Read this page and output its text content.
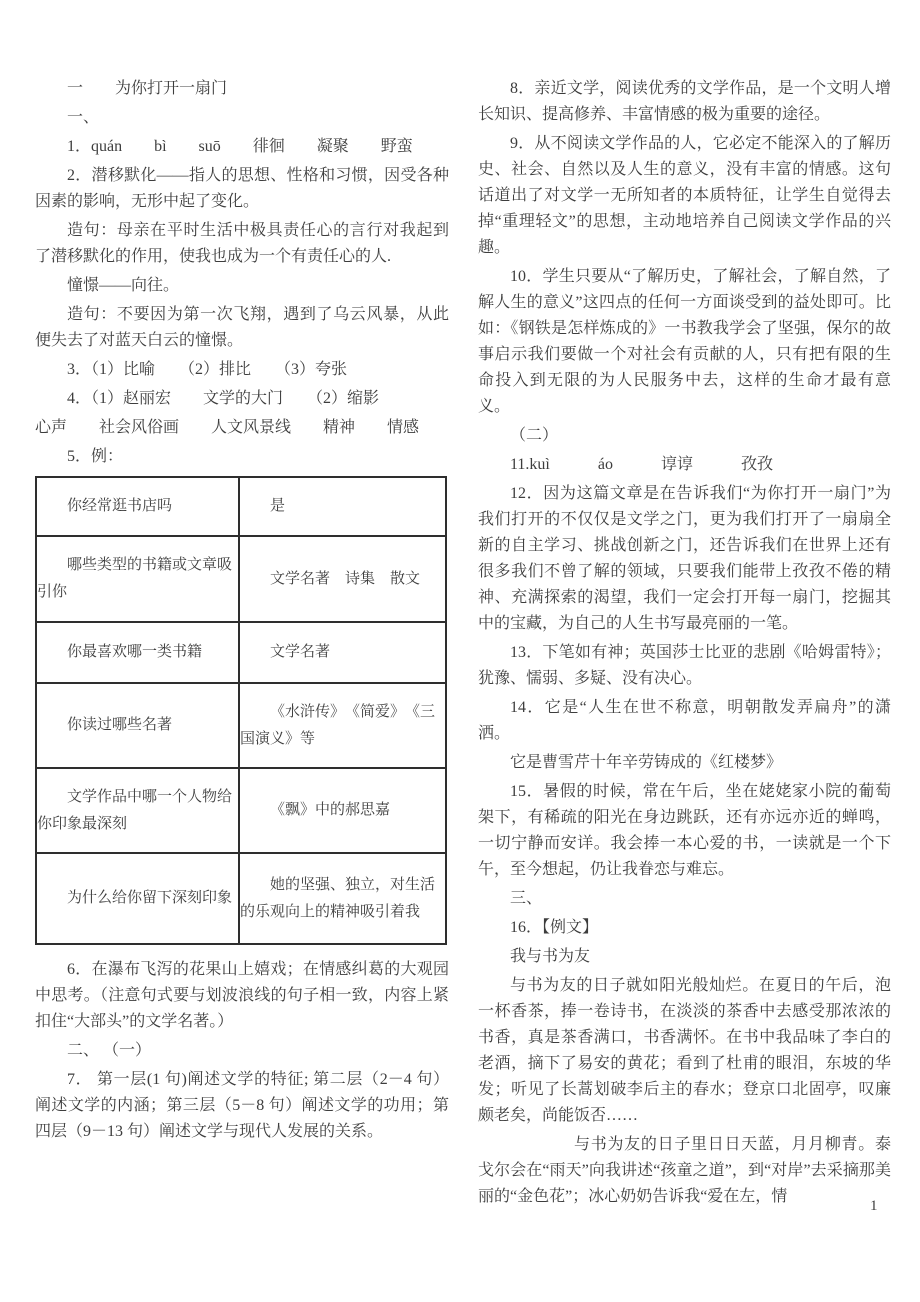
一　　为你打开一扇门

一、

1．quán　　bì　　suō　　徘徊　　凝聚　　野蛮

2．潜移默化——指人的思想、性格和习惯，因受各种因素的影响，无形中起了变化。

造句：母亲在平时生活中极具责任心的言行对我起到了潜移默化的作用，使我也成为一个有责任心的人.

憧憬——向往。

造句：不要因为第一次飞翔，遇到了乌云风暴，从此便失去了对蓝天白云的憧憬。

3．（1）比喻　　（2）排比　　（3）夸张

4．（1）赵丽宏　　文学的大门　　（2）缩影

心声　　社会风俗画　　人文风景线　　精神　　情感

5．例：

你经常逛书店吗	是

哪些类型的书籍或文章吸引你	文学名著　诗集　散文

你最喜欢哪一类书籍	文学名著

你读过哪些名著	《水浒传》　《简爱》　《三国演义》等

文学作品中哪一个人物给你印象最深刻	《飘》中的郝思嘉

为什么给你留下深刻印象	她的坚强、独立，对生活的乐观向上的精神吸引着我

6．在瀑布飞泻的花果山上嬉戏；在情感纠葛的大观园中思考。（注意句式要与划波浪线的句子相一致，内容上紧扣住“大部头”的文学名著。）

二、 （一）

7． 第一层(1 句)阐述文学的特征; 第二层（2－4 句）阐述文学的内涵；第三层（5－8 句）阐述文学的功用；第四层（9－13 句）阐述文学与现代人发展的关系。

8．亲近文学，阅读优秀的文学作品，是一个文明人增长知识、提高修养、丰富情感的极为重要的途径。

9．从不阅读文学作品的人，它必定不能深入的了解历史、社会、自然以及人生的意义，没有丰富的情感。这句话道出了对文学一无所知者的本质特征，让学生自觉得去掉“重理轻文”的思想，主动地培养自己阅读文学作品的兴趣。

10．学生只要从“了解历史，了解社会，了解自然，了解人生的意义”这四点的任何一方面谈受到的益处即可。比如：《钢铁是怎样炼成的》一书教我学会了坚强，保尔的故事启示我们要做一个对社会有贡献的人，只有把有限的生命投入到无限的为人民服务中去，这样的生命才最有意义。

（二）

11.kuì　　　áo　　　谆谆　　　孜孜

12．因为这篇文章是在告诉我们“为你打开一扇门”为我们打开的不仅仅是文学之门，更为我们打开了一扇扇全新的自主学习、挑战创新之门，还告诉我们在世界上还有很多我们不曾了解的领域，只要我们能带上孜孜不倦的精神、充满探索的渴望，我们一定会打开每一扇门，挖掘其中的宝藏，为自己的人生书写最亮丽的一笔。

13．下笔如有神；英国莎士比亚的悲剧《哈姆雷特》；犹豫、懦弱、多疑、没有决心。

14．它是“人生在世不称意，明朝散发弄扁舟”的潇洒。

它是曹雪芹十年辛劳铸成的《红楼梦》

15．暑假的时候，常在午后，坐在姥姥家小院的葡萄架下，有稀疏的阳光在身边跳跃，还有亦远亦近的蝉鸣，一切宁静而安详。我会捧一本心爱的书，一读就是一个下午，至今想起，仍让我眷恋与难忘。

三、

16．【例文】

我与书为友

与书为友的日子就如阳光般灿烂。在夏日的午后，泡一杯香茶，捧一卷诗书，在淡淡的茶香中去感受那浓浓的书香，真是茶香满口，书香满怀。在书中我品味了李白的老酒，摘下了易安的黄花；看到了杜甫的眼泪，东坡的华发；听见了长蒿划破李后主的春水；登京口北固亭，叹廉颇老矣，尚能饭否……

与书为友的日子里日日天蓝，月月柳青。泰戈尔会在“雨天”向我讲述“孩童之道”，到“对岸”去采摘那美丽的“金色花”；冰心奶奶告诉我“爱在左，情

1
